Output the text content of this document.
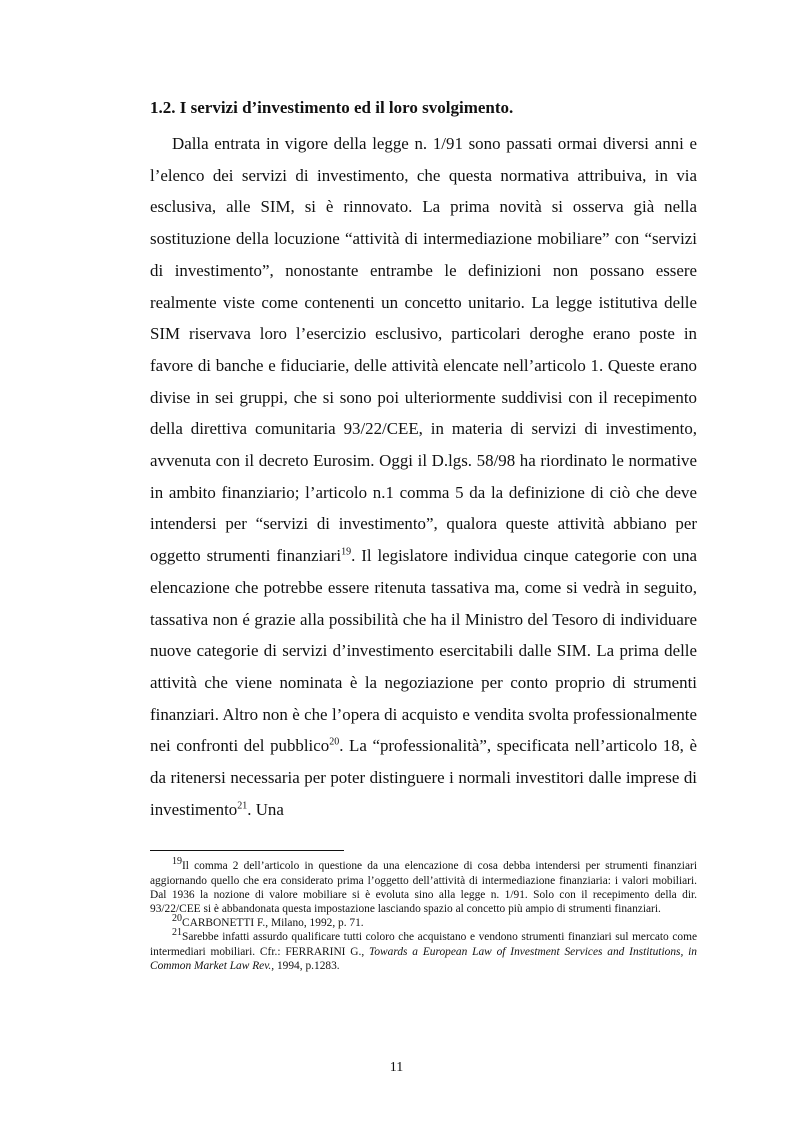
1.2. I servizi d’investimento ed il loro svolgimento.

Dalla entrata in vigore della legge n. 1/91 sono passati ormai diversi anni e l’elenco dei servizi di investimento, che questa normativa attribuiva, in via esclusiva, alle SIM, si è rinnovato. La prima novità si osserva già nella sostituzione della locuzione “attività di intermediazione mobiliare” con “servizi di investimento”, nonostante entrambe le definizioni non possano essere realmente viste come contenenti un concetto unitario. La legge istitutiva delle SIM riservava loro l’esercizio esclusivo, particolari deroghe erano poste in favore di banche e fiduciarie, delle attività elencate nell’articolo 1. Queste erano divise in sei gruppi, che si sono poi ulteriormente suddivisi con il recepimento della direttiva comunitaria 93/22/CEE, in materia di servizi di investimento, avvenuta con il decreto Eurosim. Oggi il D.lgs. 58/98 ha riordinato le normative in ambito finanziario; l’articolo n.1 comma 5 da la definizione di ciò che deve intendersi per “servizi di investimento”, qualora queste attività abbiano per oggetto strumenti finanziari$^{19}$. Il legislatore individua cinque categorie con una elencazione che potrebbe essere ritenuta tassativa ma, come si vedrà in seguito, tassativa non é grazie alla possibilità che ha il Ministro del Tesoro di individuare nuove categorie di servizi d’investimento esercitabili dalle SIM. La prima delle attività che viene nominata è la negoziazione per conto proprio di strumenti finanziari. Altro non è che l’opera di acquisto e vendita svolta professionalmente nei confronti del pubblico$^{20}$. La “professionalità”, specificata nell’articolo 18, è da ritenersi necessaria per poter distinguere i normali investitori dalle imprese di investimento$^{21}$. Una

$^{19}$Il comma 2 dell’articolo in questione da una elencazione di cosa debba intendersi per strumenti finanziari aggiornando quello che era considerato prima l’oggetto dell’attività di intermediazione finanziaria: i valori mobiliari. Dal 1936 la nozione di valore mobiliare si è evoluta sino alla legge n. 1/91. Solo con il recepimento della dir. 93/22/CEE si è abbandonata questa impostazione lasciando spazio al concetto più ampio di strumenti finanziari.

$^{20}$CARBONETTI F., Milano, 1992, p. 71.

$^{21}$Sarebbe infatti assurdo qualificare tutti coloro che acquistano e vendono strumenti finanziari sul mercato come intermediari mobiliari. Cfr.: FERRARINI G., Towards a European Law of Investment Services and Institutions, in Common Market Law Rev., 1994, p.1283.

11
